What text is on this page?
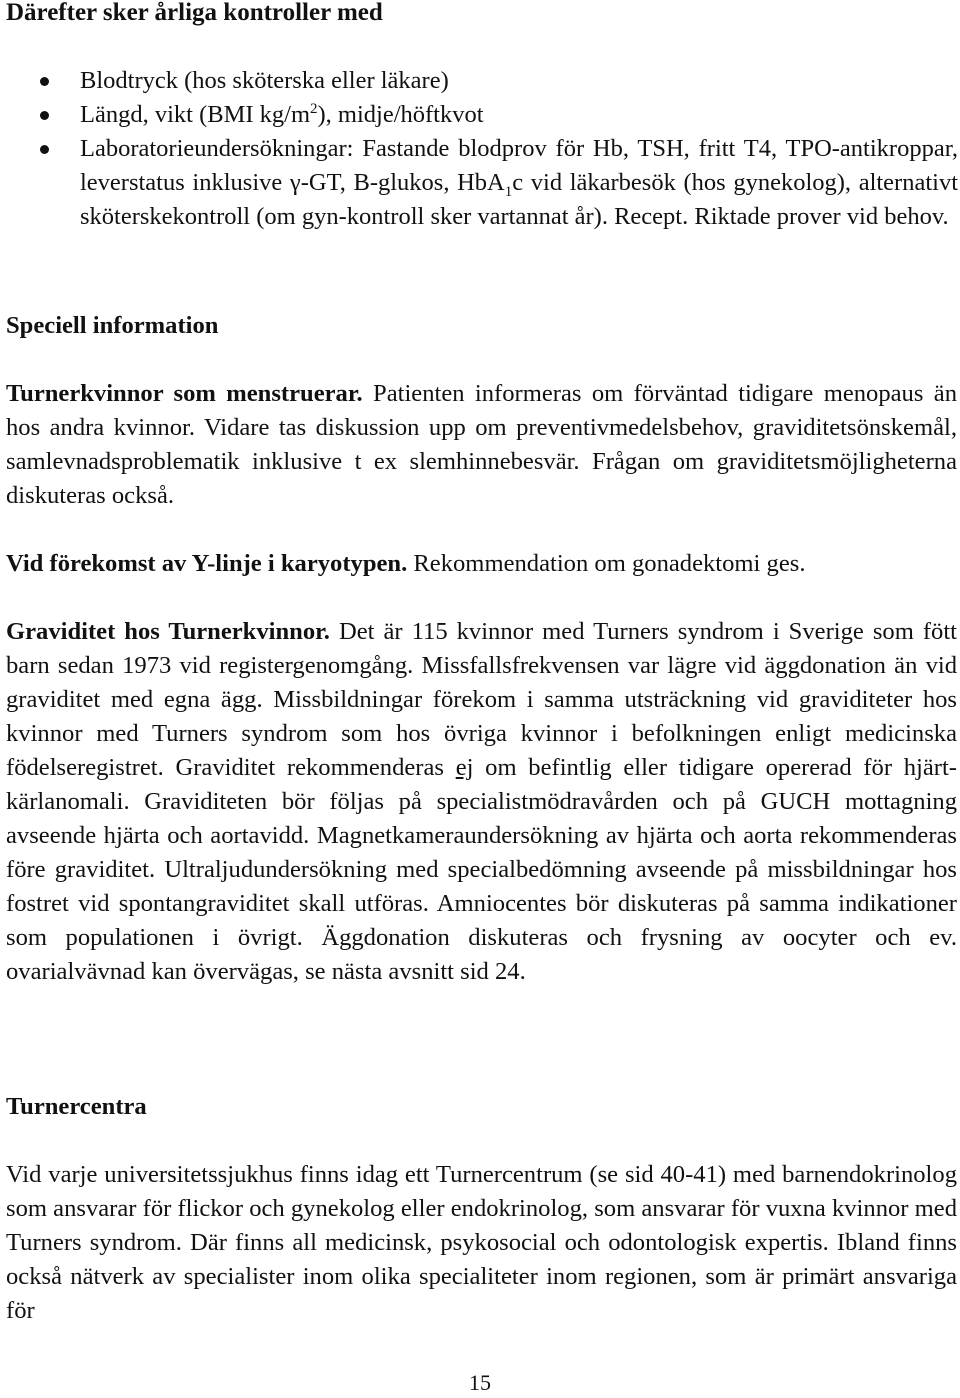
Därefter sker årliga kontroller med
Blodtryck (hos sköterska eller läkare)
Längd, vikt (BMI $kg/m^2$), midje/höftkvot
Laboratorieundersökningar: Fastande blodprov för Hb, TSH, fritt T4, TPO-antikroppar, leverstatus inklusive γ-GT, B-glukos, HbA$_1$c vid läkarbesök (hos gynekolog), alternativt sköterskekontroll (om gyn-kontroll sker vartannat år). Recept. Riktade prover vid behov.
Speciell information

Turnerkvinnor som menstruerar. Patienten informeras om förväntad tidigare menopaus än hos andra kvinnor. Vidare tas diskussion upp om preventivmedelsbehov, graviditetsönskemål, samlevnadsproblematik inklusive t ex slemhinnebesvär. Frågan om graviditetsmöjligheterna diskuteras också.

Vid förekomst av Y-linje i karyotypen. Rekommendation om gonadektomi ges.

Graviditet hos Turnerkvinnor. Det är 115 kvinnor med Turners syndrom i Sverige som fött barn sedan 1973 vid registergenomgång. Missfallsfrekvensen var lägre vid äggdonation än vid graviditet med egna ägg. Missbildningar förekom i samma utsträckning vid graviditeter hos kvinnor med Turners syndrom som hos övriga kvinnor i befolkningen enligt medicinska födelseregistret. Graviditet rekommenderas ej om befintlig eller tidigare opererad för hjärt-kärlanomali. Graviditeten bör följas på specialistmödravården och på GUCH mottagning avseende hjärta och aortavidd. Magnetkameraundersökning av hjärta och aorta rekommenderas före graviditet. Ultraljudundersökning med specialbedömning avseende på missbildningar hos fostret vid spontangraviditet skall utföras. Amniocentes bör diskuteras på samma indikationer som populationen i övrigt. Äggdonation diskuteras och frysning av oocyter och ev. ovarialvävnad kan övervägas, se nästa avsnitt sid 24.

Turnercentra

Vid varje universitetssjukhus finns idag ett Turnercentrum (se sid 40-41) med barnendokrinolog som ansvarar för flickor och gynekolog eller endokrinolog, som ansvarar för vuxna kvinnor med Turners syndrom. Där finns all medicinsk, psykosocial och odontologisk expertis. Ibland finns också nätverk av specialister inom olika specialiteter inom regionen, som är primärt ansvariga för

15
